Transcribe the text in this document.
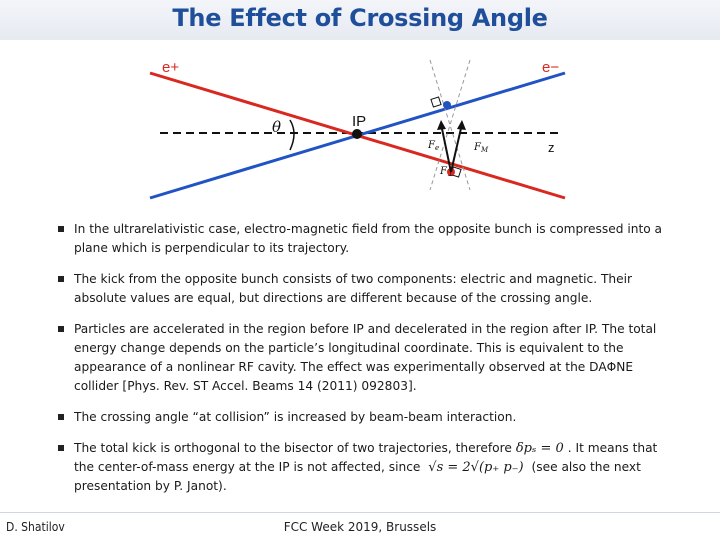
The Effect of Crossing Angle
e+	e−
IP
θ
z
$F_e$	$F_M$
$F_\perp$
In the ultrarelativistic case, electro-magnetic field from the opposite bunch is compressed into a plane which is perpendicular to its trajectory.
The kick from the opposite bunch consists of two components: electric and magnetic. Their absolute values are equal, but directions are different because of the crossing angle.
Particles are accelerated in the region before IP and decelerated in the region after IP. The total energy change depends on the particle’s longitudinal coordinate. This is equivalent to the appearance of a nonlinear RF cavity. The effect was experimentally observed at the DAΦNE collider [Phys. Rev. ST Accel. Beams 14 (2011) 092803].
The crossing angle “at collision” is increased by beam-beam interaction.
The total kick is orthogonal to the bisector of two trajectories, therefore δpₛ = 0 . It means that the center-of-mass energy at the IP is not affected, since √s = 2√(p₊ p₋) (see also the next presentation by P. Janot).
D. Shatilov	FCC Week 2019, Brussels
